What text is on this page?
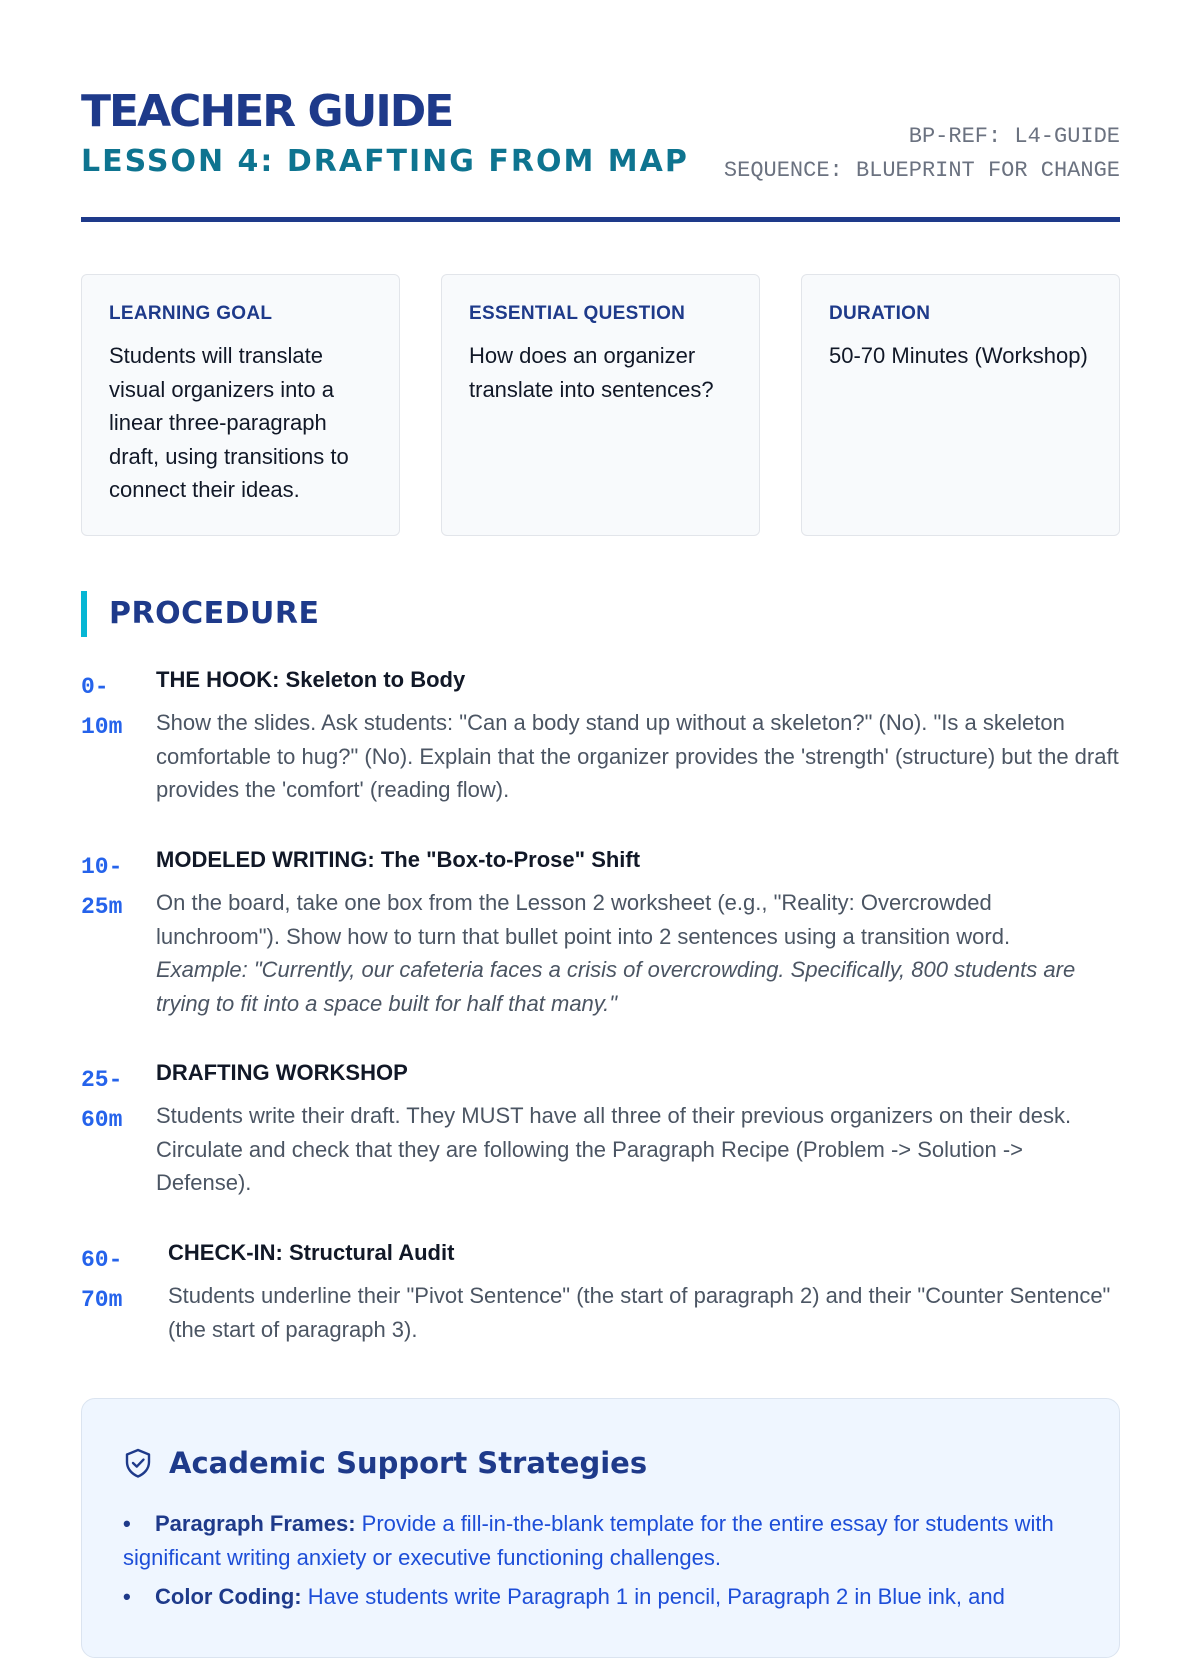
TEACHER GUIDE
LESSON 4: DRAFTING FROM MAP
BP-REF: L4-GUIDE
SEQUENCE: BLUEPRINT FOR CHANGE
LEARNING GOAL
Students will translate visual organizers into a linear three-paragraph draft, using transitions to connect their ideas.
ESSENTIAL QUESTION
How does an organizer translate into sentences?
DURATION
50-70 Minutes (Workshop)
PROCEDURE
0-
10m
THE HOOK: Skeleton to Body
Show the slides. Ask students: "Can a body stand up without a skeleton?" (No). "Is a skeleton comfortable to hug?" (No). Explain that the organizer provides the 'strength' (structure) but the draft provides the 'comfort' (reading flow).
10-
25m
MODELED WRITING: The "Box-to-Prose" Shift
On the board, take one box from the Lesson 2 worksheet (e.g., "Reality: Overcrowded lunchroom"). Show how to turn that bullet point into 2 sentences using a transition word.
Example: "Currently, our cafeteria faces a crisis of overcrowding. Specifically, 800 students are trying to fit into a space built for half that many."
25-
60m
DRAFTING WORKSHOP
Students write their draft. They MUST have all three of their previous organizers on their desk. Circulate and check that they are following the Paragraph Recipe (Problem -> Solution -> Defense).
60-
70m
CHECK-IN: Structural Audit
Students underline their "Pivot Sentence" (the start of paragraph 2) and their "Counter Sentence" (the start of paragraph 3).
Academic Support Strategies
• Paragraph Frames: Provide a fill-in-the-blank template for the entire essay for students with significant writing anxiety or executive functioning challenges.
• Color Coding: Have students write Paragraph 1 in pencil, Paragraph 2 in Blue ink, and
